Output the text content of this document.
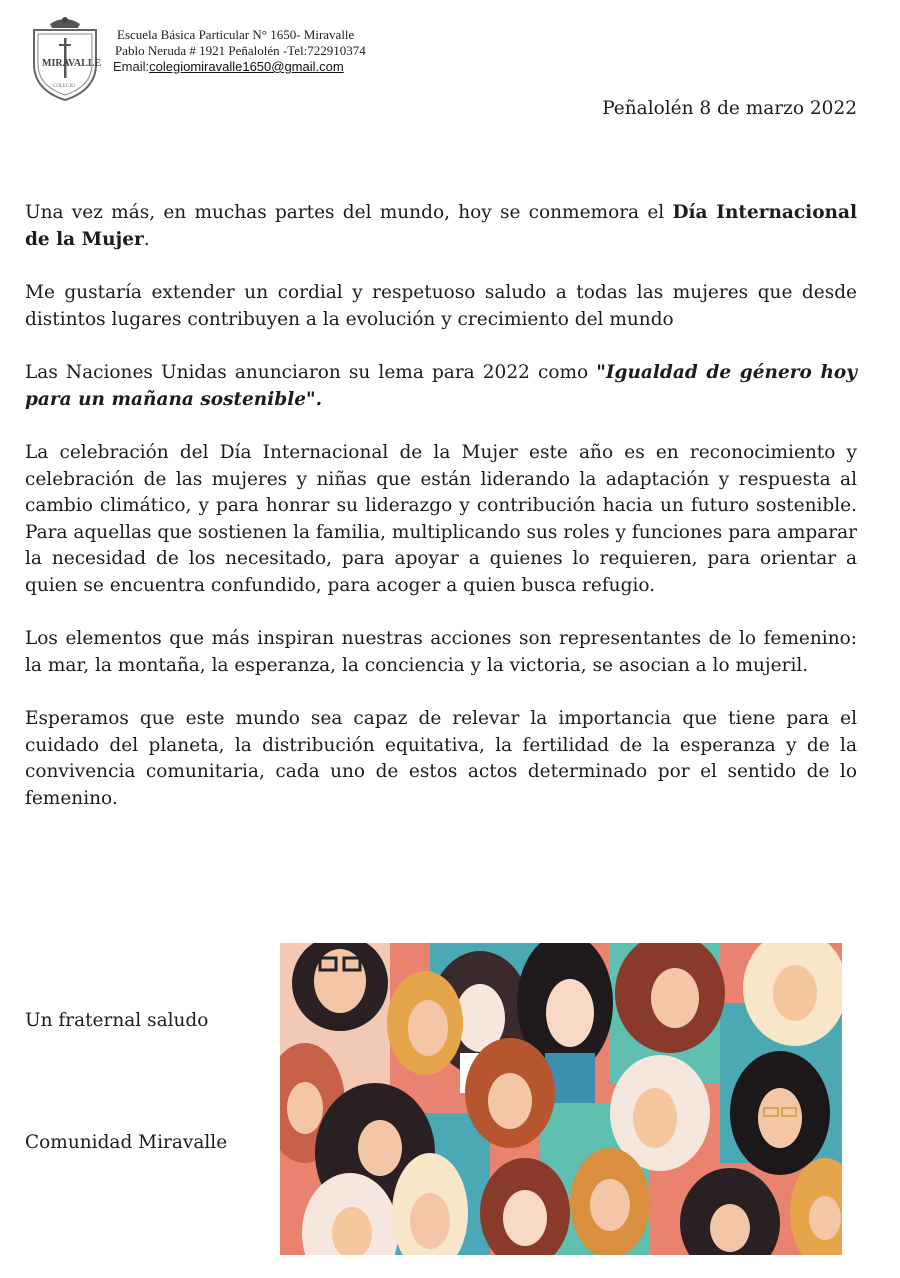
MIRA
VALLE
COLEGIO
Escuela Básica Particular N° 1650- Miravalle
Pablo Neruda # 1921 Peñalolén -Tel:722910374
Email:colegiomiravalle1650@gmail.com
Peñalolén 8 de marzo 2022

Una vez más, en muchas partes del mundo, hoy se conmemora el Día Internacional de la Mujer.

Me gustaría extender un cordial y respetuoso saludo a todas las mujeres que desde distintos lugares contribuyen a la evolución y crecimiento del mundo

Las Naciones Unidas anunciaron su lema para 2022 como "Igualdad de género hoy para un mañana sostenible".

La celebración del Día Internacional de la Mujer este año es en reconocimiento y celebración de las mujeres y niñas que están liderando la adaptación y respuesta al cambio climático, y para honrar su liderazgo y contribución hacia un futuro sostenible. Para aquellas que sostienen la familia, multiplicando sus roles y funciones para amparar la necesidad de los necesitado, para apoyar a quienes lo requieren, para orientar a quien se encuentra confundido, para acoger a quien busca refugio.

Los elementos que más inspiran nuestras acciones son representantes de lo femenino: la mar, la montaña, la esperanza, la conciencia y la victoria, se asocian a lo mujeril.

Esperamos que este mundo sea capaz de relevar la importancia que tiene para el cuidado del planeta, la distribución equitativa, la fertilidad de la esperanza y de la convivencia comunitaria, cada uno de estos actos determinado por el sentido de lo femenino.

Un fraternal saludo
Comunidad Miravalle
